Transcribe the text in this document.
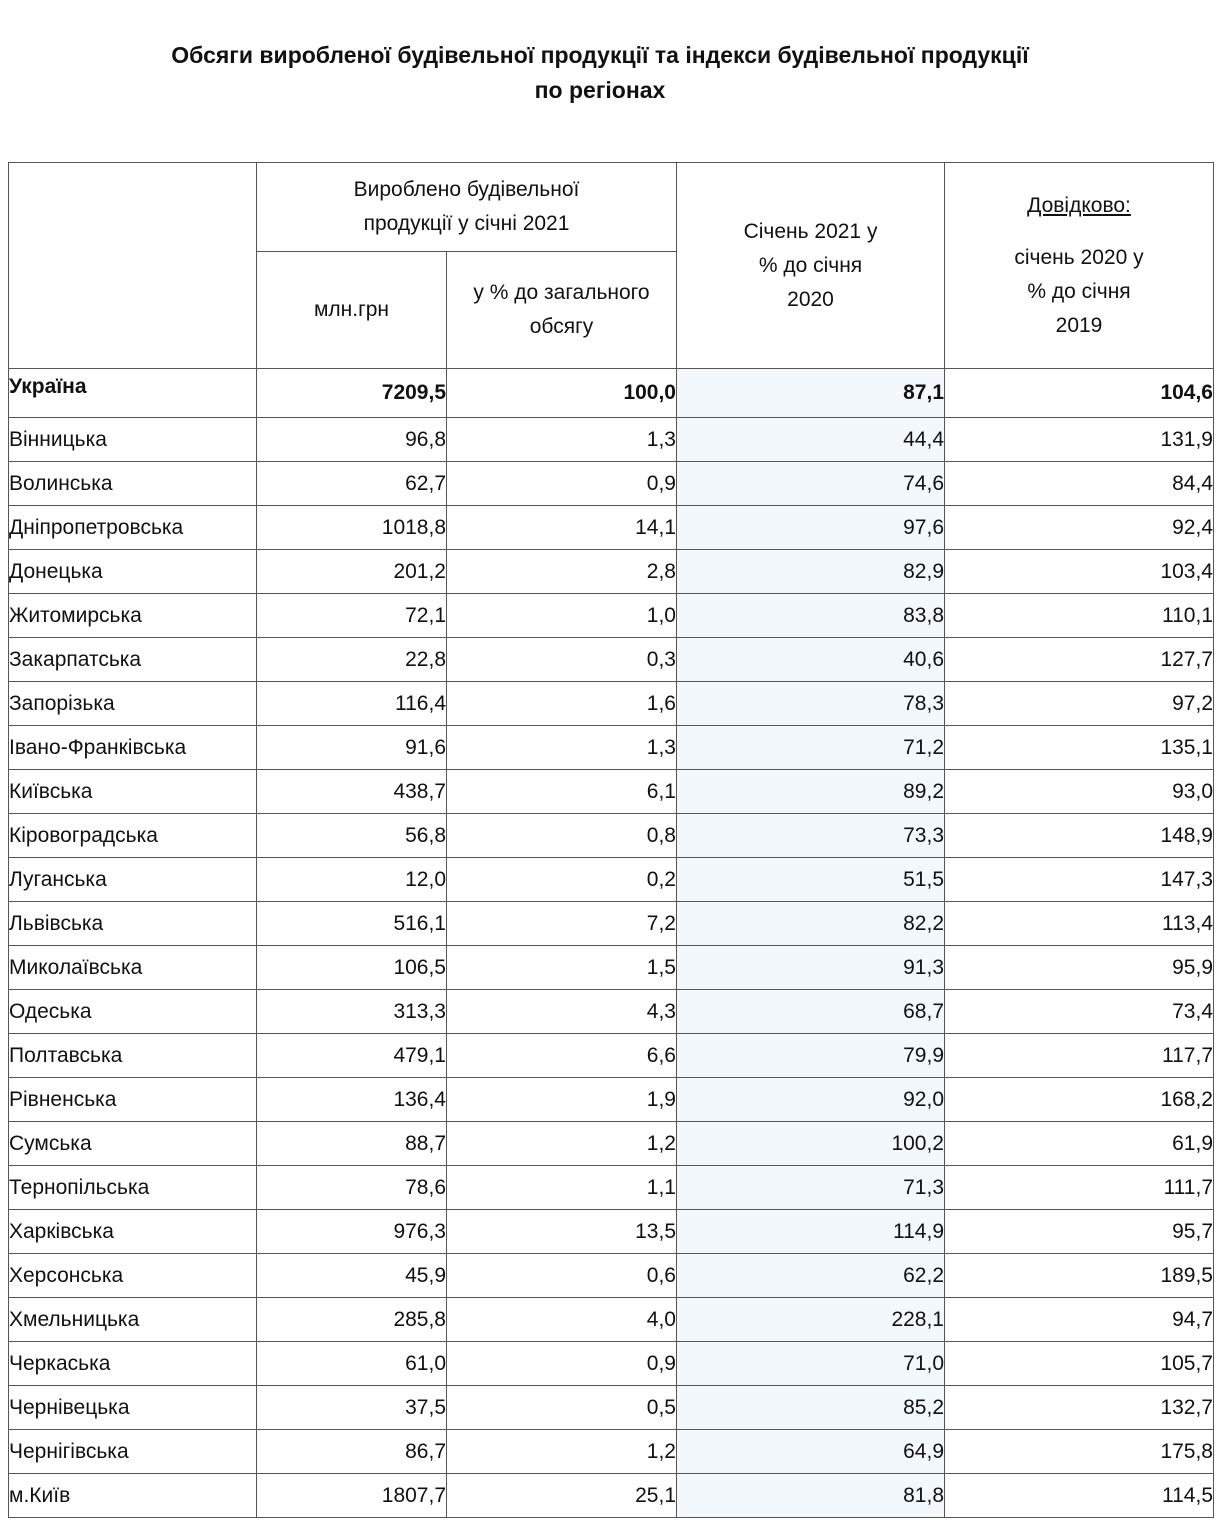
Обсяги виробленої будівельної продукції та індекси будівельної продукції
по регіонах

	Вироблено будівельної продукції у січні 2021		Січень 2021 у % до січня 2020	Довідково:
січень 2020 у % до січня 2019

	млн.грн	у % до загального обсягу		

Україна	7209,5	100,0	87,1	104,6
Вінницька	96,8	1,3	44,4	131,9
Волинська	62,7	0,9	74,6	84,4
Дніпропетровська	1018,8	14,1	97,6	92,4
Донецька	201,2	2,8	82,9	103,4
Житомирська	72,1	1,0	83,8	110,1
Закарпатська	22,8	0,3	40,6	127,7
Запорізька	116,4	1,6	78,3	97,2
Івано-Франківська	91,6	1,3	71,2	135,1
Київська	438,7	6,1	89,2	93,0
Кіровоградська	56,8	0,8	73,3	148,9
Луганська	12,0	0,2	51,5	147,3
Львівська	516,1	7,2	82,2	113,4
Миколаївська	106,5	1,5	91,3	95,9
Одеська	313,3	4,3	68,7	73,4
Полтавська	479,1	6,6	79,9	117,7
Рівненська	136,4	1,9	92,0	168,2
Сумська	88,7	1,2	100,2	61,9
Тернопільська	78,6	1,1	71,3	111,7
Харківська	976,3	13,5	114,9	95,7
Херсонська	45,9	0,6	62,2	189,5
Хмельницька	285,8	4,0	228,1	94,7
Черкаська	61,0	0,9	71,0	105,7
Чернівецька	37,5	0,5	85,2	132,7
Чернігівська	86,7	1,2	64,9	175,8
м.Київ	1807,7	25,1	81,8	114,5
